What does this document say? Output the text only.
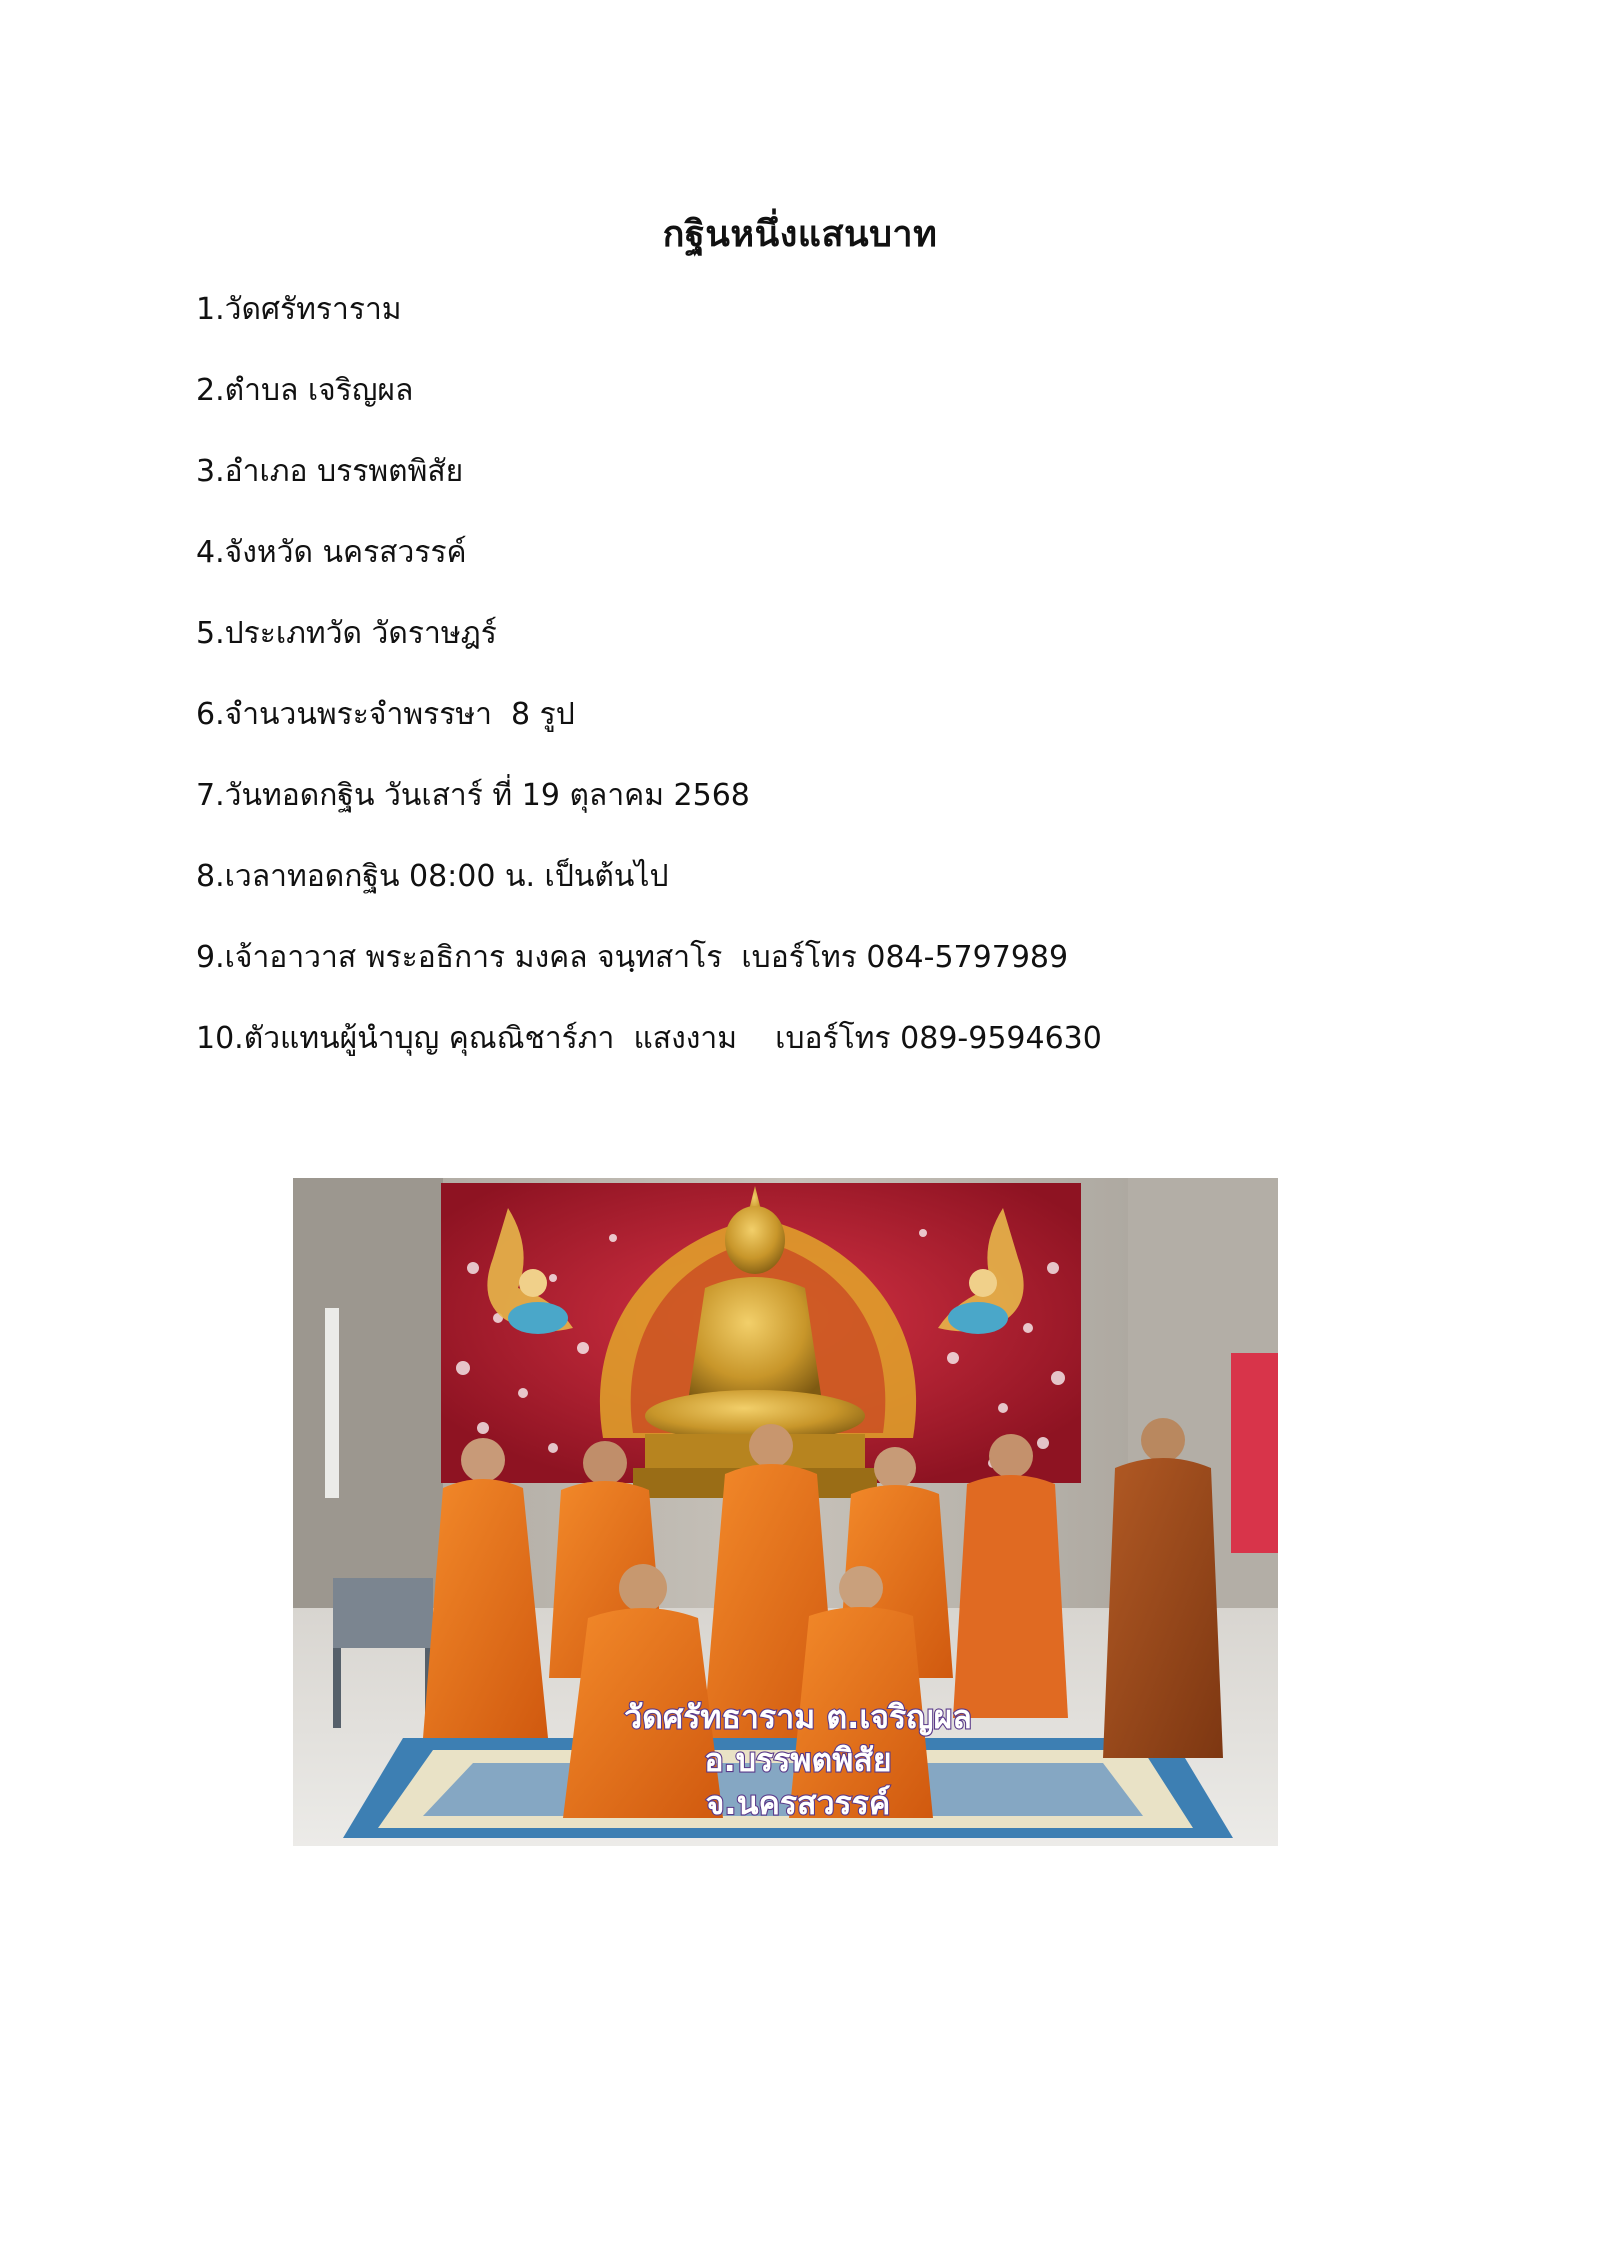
กฐินหนึ่งแสนบาท
1.วัดศรัทราราม
2.ตำบล เจริญผล
3.อำเภอ บรรพตพิสัย
4.จังหวัด นครสวรรค์
5.ประเภทวัด วัดราษฎร์
6.จำนวนพระจำพรรษา  8 รูป
7.วันทอดกฐิน วันเสาร์ ที่ 19 ตุลาคม 2568
8.เวลาทอดกฐิน 08:00 น. เป็นต้นไป
9.เจ้าอาวาส พระอธิการ มงคล จนฺทสาโร  เบอร์โทร 084-5797989
10.ตัวแทนผู้นำบุญ คุณณิชาร์ภา  แสงงาม    เบอร์โทร 089-9594630
วัดศรัทธาราม ต.เจริญผล
อ.บรรพตพิสัย
จ.นครสวรรค์
